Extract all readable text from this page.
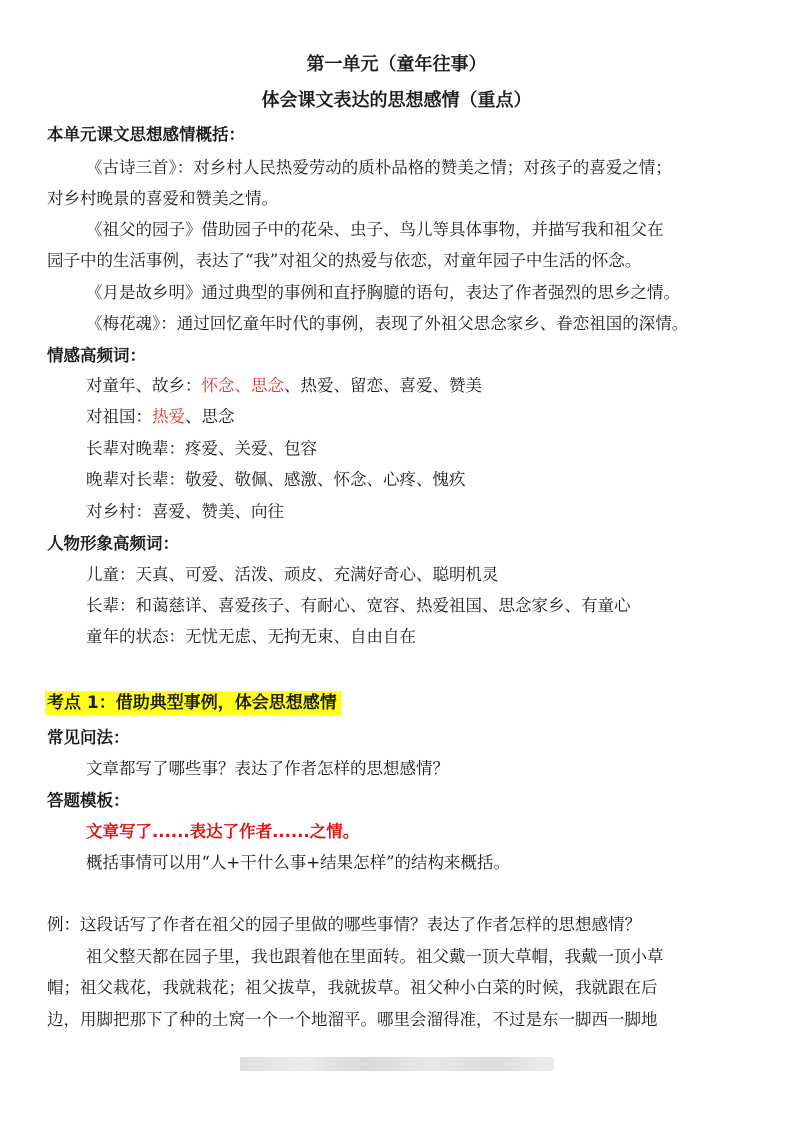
第一单元（童年往事）
体会课文表达的思想感情（重点）
本单元课文思想感情概括：
《古诗三首》：对乡村人民热爱劳动的质朴品格的赞美之情；对孩子的喜爱之情；
对乡村晚景的喜爱和赞美之情。
《祖父的园子》借助园子中的花朵、虫子、鸟儿等具体事物，并描写我和祖父在
园子中的生活事例，表达了“我”对祖父的热爱与依恋，对童年园子中生活的怀念。
《月是故乡明》通过典型的事例和直抒胸臆的语句，表达了作者强烈的思乡之情。
《梅花魂》：通过回忆童年时代的事例，表现了外祖父思念家乡、眷恋祖国的深情。
情感高频词：
对童年、故乡：怀念、思念、热爱、留恋、喜爱、赞美
对祖国：热爱、思念
长辈对晚辈：疼爱、关爱、包容
晚辈对长辈：敬爱、敬佩、感激、怀念、心疼、愧疚
对乡村：喜爱、赞美、向往
人物形象高频词：
儿童：天真、可爱、活泼、顽皮、充满好奇心、聪明机灵
长辈：和蔼慈详、喜爱孩子、有耐心、宽容、热爱祖国、思念家乡、有童心
童年的状态：无忧无虑、无拘无束、自由自在
考点 1：借助典型事例，体会思想感情
常见问法：
文章都写了哪些事？表达了作者怎样的思想感情？
答题模板：
文章写了......表达了作者......之情。
概括事情可以用“人+干什么事+结果怎样”的结构来概括。
例：这段话写了作者在祖父的园子里做的哪些事情？表达了作者怎样的思想感情？
祖父整天都在园子里，我也跟着他在里面转。祖父戴一顶大草帽，我戴一顶小草
帽；祖父栽花，我就栽花；祖父拔草，我就拔草。祖父种小白菜的时候，我就跟在后
边，用脚把那下了种的土窝一个一个地溜平。哪里会溜得准，不过是东一脚西一脚地
